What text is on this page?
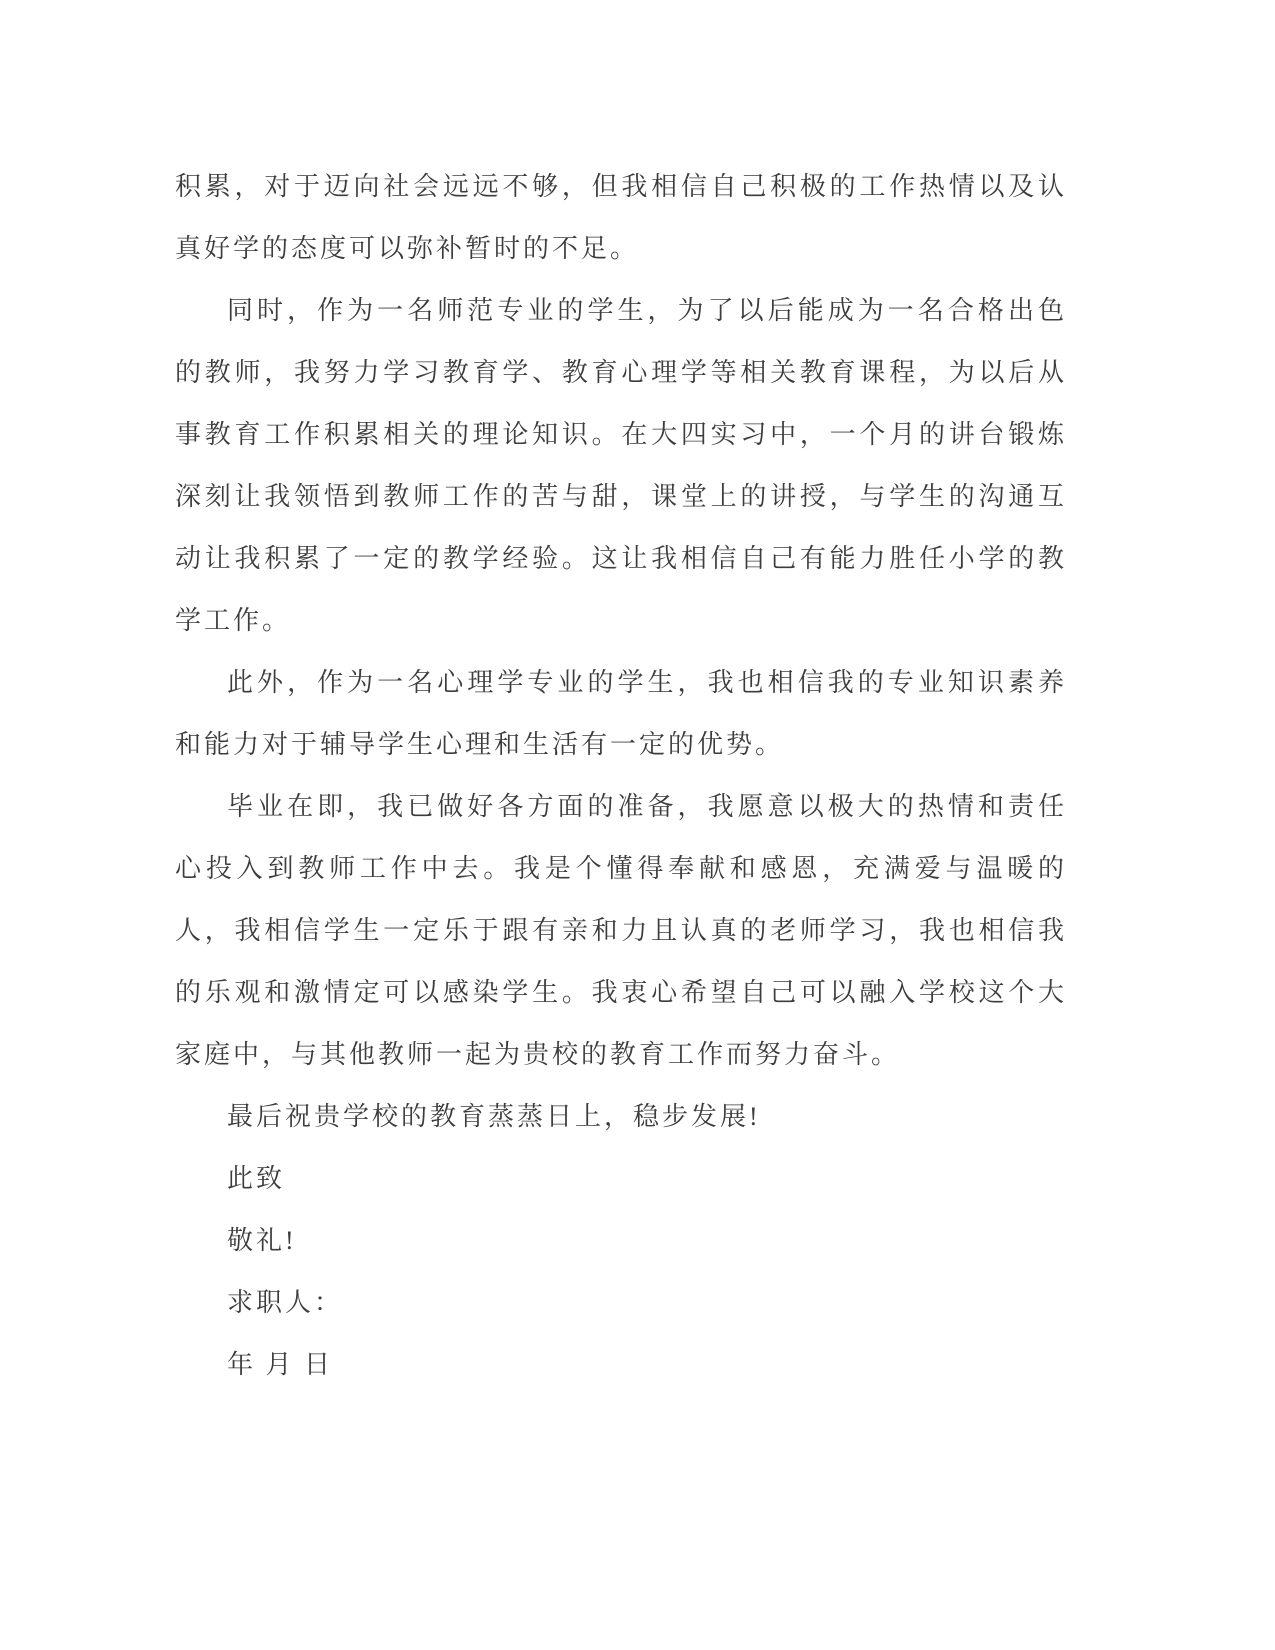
积累，对于迈向社会远远不够，但我相信自己积极的工作热情以及认真好学的态度可以弥补暂时的不足。

同时，作为一名师范专业的学生，为了以后能成为一名合格出色的教师，我努力学习教育学、教育心理学等相关教育课程，为以后从事教育工作积累相关的理论知识。在大四实习中，一个月的讲台锻炼深刻让我领悟到教师工作的苦与甜，课堂上的讲授，与学生的沟通互动让我积累了一定的教学经验。这让我相信自己有能力胜任小学的教学工作。

此外，作为一名心理学专业的学生，我也相信我的专业知识素养和能力对于辅导学生心理和生活有一定的优势。

毕业在即，我已做好各方面的准备，我愿意以极大的热情和责任心投入到教师工作中去。我是个懂得奉献和感恩，充满爱与温暖的人，我相信学生一定乐于跟有亲和力且认真的老师学习，我也相信我的乐观和激情定可以感染学生。我衷心希望自己可以融入学校这个大家庭中，与其他教师一起为贵校的教育工作而努力奋斗。

最后祝贵学校的教育蒸蒸日上，稳步发展!

此致

敬礼!

求职人：

年 月 日
